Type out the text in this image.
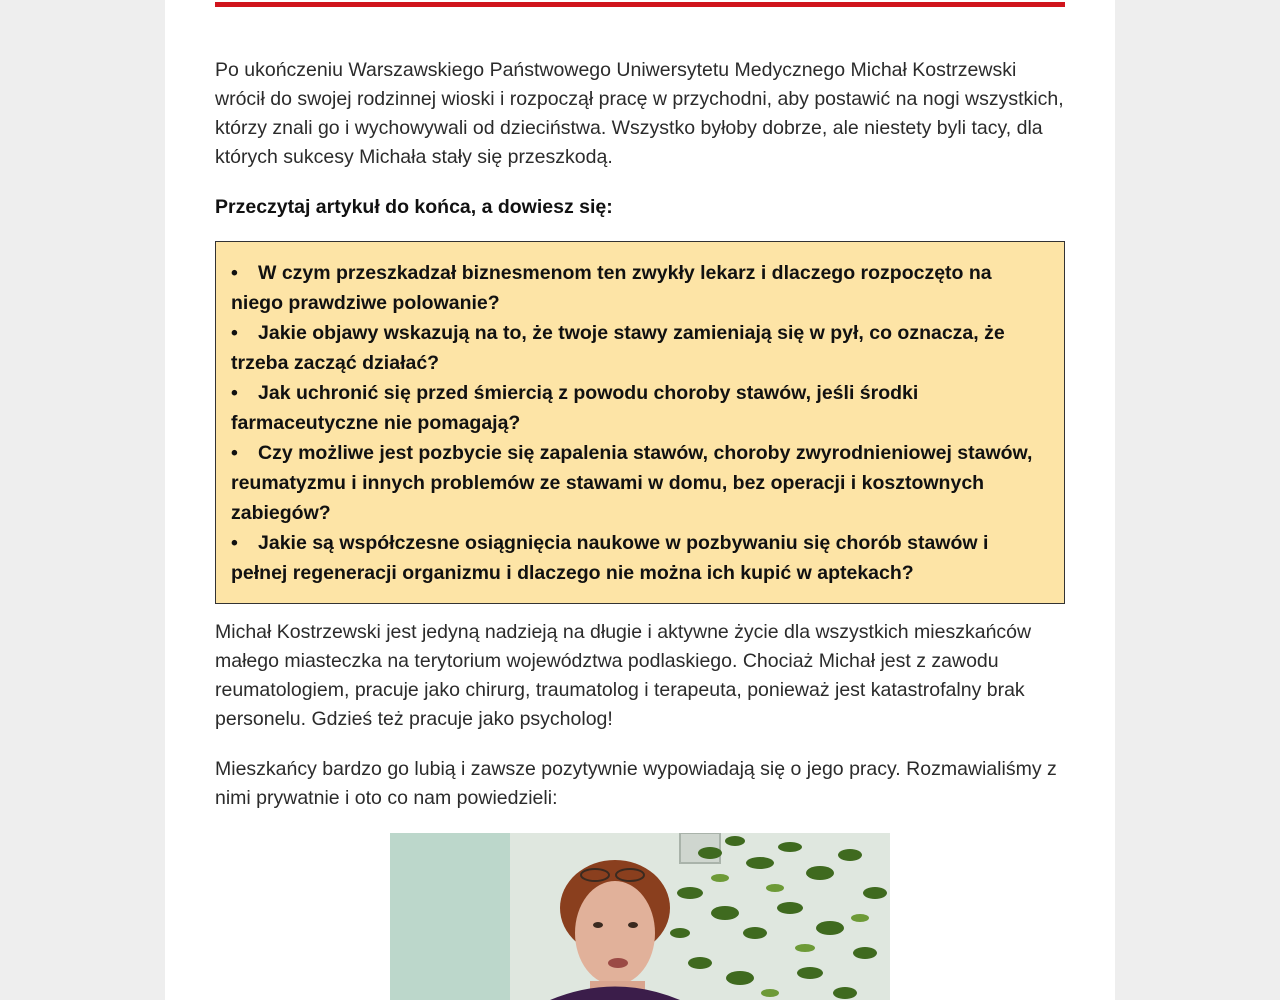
Po ukończeniu Warszawskiego Państwowego Uniwersytetu Medycznego Michał Kostrzewski wrócił do swojej rodzinnej wioski i rozpoczął pracę w przychodni, aby postawić na nogi wszystkich, którzy znali go i wychowywali od dzieciństwa. Wszystko byłoby dobrze, ale niestety byli tacy, dla których sukcesy Michała stały się przeszkodą.

Przeczytaj artykuł do końca, a dowiesz się:

• W czym przeszkadzał biznesmenom ten zwykły lekarz i dlaczego rozpoczęto na niego prawdziwe polowanie?
• Jakie objawy wskazują na to, że twoje stawy zamieniają się w pył, co oznacza, że trzeba zacząć działać?
• Jak uchronić się przed śmiercią z powodu choroby stawów, jeśli środki farmaceutyczne nie pomagają?
• Czy możliwe jest pozbycie się zapalenia stawów, choroby zwyrodnieniowej stawów, reumatyzmu i innych problemów ze stawami w domu, bez operacji i kosztownych zabiegów?
• Jakie są współczesne osiągnięcia naukowe w pozbywaniu się chorób stawów i pełnej regeneracji organizmu i dlaczego nie można ich kupić w aptekach?

Michał Kostrzewski jest jedyną nadzieją na długie i aktywne życie dla wszystkich mieszkańców małego miasteczka na terytorium województwa podlaskiego. Chociaż Michał jest z zawodu reumatologiem, pracuje jako chirurg, traumatolog i terapeuta, ponieważ jest katastrofalny brak personelu. Gdzieś też pracuje jako psycholog!

Mieszkańcy bardzo go lubią i zawsze pozytywnie wypowiadają się o jego pracy. Rozmawialiśmy z nimi prywatnie i oto co nam powiedzieli:
